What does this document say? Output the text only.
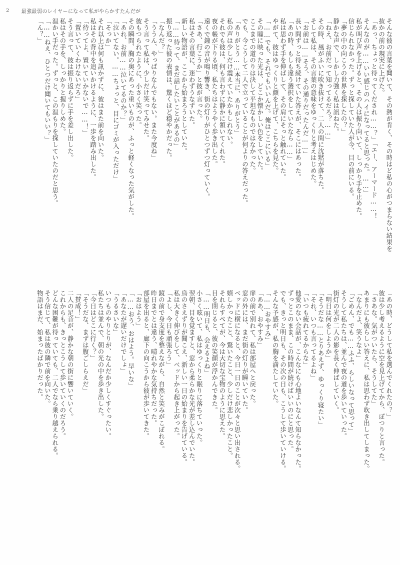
2 最強最弱のレイヤーになって私がやらかすたんだが
そんな彼の言葉を聞いて、その熱が肯く、その時はど私の心がつまらない結果を
抜かの前の現実に上げた。
「あっ、ちょっと待ってくだされ……？」「エー、アーマード……！
そんなのが……いい感じのハイになってると思った。……」
私が叫び声を上げると、その人は振り向いて、しっかり手を止めた。
信じられなかった。ずっと探していた人が今、目の前にいる。
「夢の中の向こうの世界を探したの？」
静かな声で、しかし力強く私は訊ねた。
「ねえ、お前だって知ってるだろ？……」
その時、風がふいに吹き抜けて、二人の間に沈黙が落ちた。
そして私は、その言葉の意味をゆっくりと考えはじめた。
「お前は……そう、その通りだったんだ……」
長い間ずっと待ち続けていた答えが、そこにはあった。
「あの時、もしも違う選択をしていたなら……」
私は思わず手を伸ばして、その肩にそっと触れていた。
やがて、彼はゆっくりと顔を上げて、こちらを見た。
「……でも、それでもいいんだ。俺はここにいる」
その瞳に映った光は、どこか懐かしい色をしていた。
ここまでの道のりは決して平坦なものではなかった。
でも、今こうして二人で立っていることが何よりの答えだった。
「ありがとう……本当に、ありがとう」
私の声は少しだけ震えていたかもしれない。
それでも彼は、何も言わずに静かに頷いてくれた。
夜の帳が下りる頃、私たちはようやく歩き出した。
遠くで鐘の音が鳴り響き、街の灯りがひとつずつ灯っていく。
「さあ、行こうか」と彼が言った。
私はその言葉に、迷わずうなずいた。
新しい物語が、ここから始まろうとしていた。
「……待って、まだ話したいことがあるの」
振り返った彼の表情は、驚くほど穏やかだった。
「なんだ？」
「ううん、やっぱりなんでもない。また今度ね」
そう言って私は、少しだけ笑ってみせた。
彼もつられたように、小さく笑った。
その瞬間、胸の奥にあった重いものが、ふっと軽くなった気がした。
「あれ、お前……泣いてるのか？」
「泣いてない。……ちょっと、目にゴミが入っただけ」
「そっか」
それ以上は何も訊かずに、彼はまた前を向いた。
私はその背中を追いかけるように、一歩を踏み出した。
「待ってよ、置いていかないで……！」
「置いていくわけないだろ」
そう言って、彼は振り返らずに手を差し出した。
私はその手を、しっかりと握りしめた。
温かい手だった。ずっと、この温もりを探していたのだと思う。
「……ねえ、ひとつだけ聞いてもいい？」
「ん？」
「あの時、どうして私を選んでくれたの？」
彼は少し考えるように空を見上げてから、ぽつりと言った。
「さあな。気がついたら、そうしてた」
あまりにも彼らしい答えに、私は思わず吹き出してしまった。
「なんだよ、笑うなよ」
「ごめん、でも……ふふ、らしいなって思って」
そうして私たちは、並んで夜の道を歩いていった。
街灯の光が二人の影を長く伸ばしていく。
「明日は何をしようか」
「そうだな……とりあえず、ゆっくり寝たい」
「それ、いつも言ってるよね」
「いつも疲れてるからな」
他愛のない会話が、こんなにも心地よいなんて知らなかった。
ずっとこのまま、この時間が続けばいいのにと思った。
でも、きっと明日も、その次の日も、こうして歩いていける。
そんな予感が、私の胸を満たしていた。
「……おやすみ」
「ああ、おやすみ」
扉の前で別れて、私は部屋へと戻った。
窓の外には、まだ街の灯りが瞬いていた。
ベッドに横になると、今日一日のことが次々と思い出される。
嬉しかったこと、驚いたこと、少しだけ悲しかったこと。
それらすべてが、今は大切な宝物のように思えた。
目を閉じると、彼の笑顔が浮かんできた。
「……明日も、会えるよね」
小さく呟いて、私はゆっくりと眠りに落ちていった。
翌朝、目を覚ますと、窓から柔らかな光が差し込んでいた。
鳥のさえずりが聞こえ、新しい一日の始まりを告げている。
私は大きく伸びをして、ベッドから起き上がった。
「よし、今日も頑張ろう」
鏡の前で身支度を整えながら、自然と笑みがこぼれる。
昨日までとは違う、晴れやかな気持ちだった。
部屋を出ると、廊下の向こうから彼が歩いてきた。
「おはよう」
「……おう、おはよう。早いな」
「あなたが遅いだけでしょ」
「うるさいな」
いつものやりとりが、なんだか少しくすぐったい。
私たちは並んで、朝の光の中を歩き出した。
「今日はどこに行く？」
「そうだな、まずは腹ごしらえだ」
「賛成！」
二人の足音が、静かな朝の街に響いていく。
これからも、きっとこうして歩いていくのだろう。
どんな困難が待っていても、二人でなら乗り越えられる。
そう信じて、私は彼の隣で前を向いた。
物語はまだ、始まったばかりだった。
